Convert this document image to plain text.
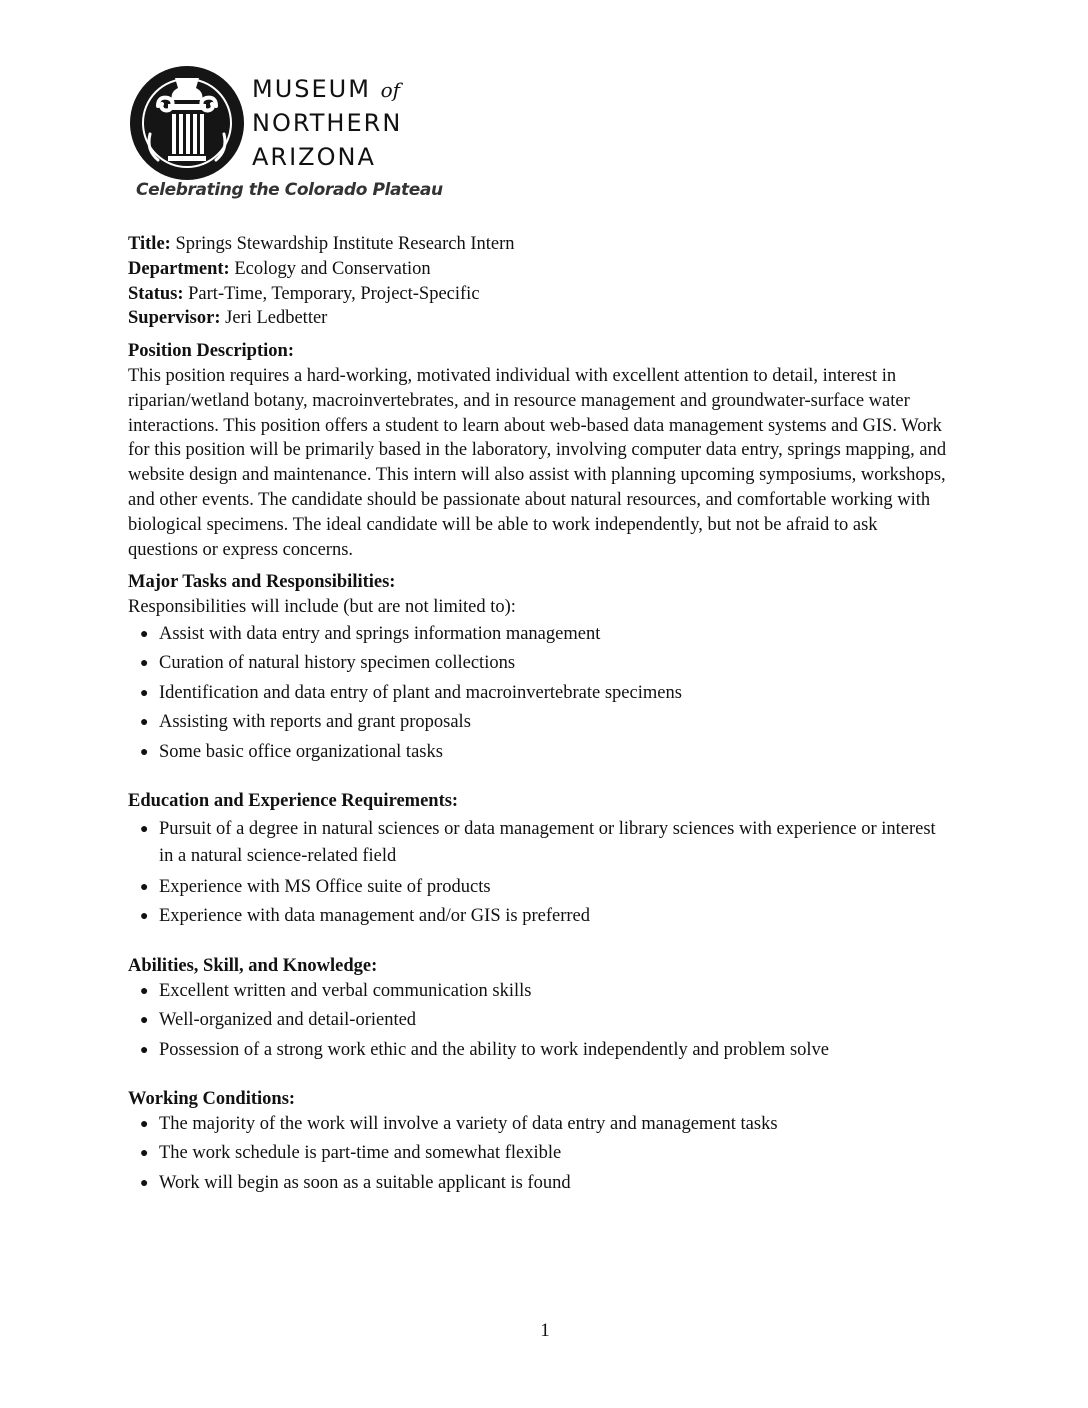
MUSEUM of
NORTHERN
ARIZONA
Celebrating the Colorado Plateau
Title: Springs Stewardship Institute Research Intern
Department: Ecology and Conservation
Status: Part-Time, Temporary, Project-Specific
Supervisor: Jeri Ledbetter
Position Description:

This position requires a hard-working, motivated individual with excellent attention to detail, interest in riparian/wetland botany, macroinvertebrates, and in resource management and groundwater-surface water interactions. This position offers a student to learn about web-based data management systems and GIS. Work for this position will be primarily based in the laboratory, involving computer data entry, springs mapping, and website design and maintenance. This intern will also assist with planning upcoming symposiums, workshops, and other events. The candidate should be passionate about natural resources, and comfortable working with biological specimens. The ideal candidate will be able to work independently, but not be afraid to ask questions or express concerns.

Major Tasks and Responsibilities:
Responsibilities will include (but are not limited to):
● Assist with data entry and springs information management
● Curation of natural history specimen collections
● Identification and data entry of plant and macroinvertebrate specimens
● Assisting with reports and grant proposals
● Some basic office organizational tasks
Education and Experience Requirements:
● Pursuit of a degree in natural sciences or data management or library sciences with experience or interest in a natural science-related field
● Experience with MS Office suite of products
● Experience with data management and/or GIS is preferred
Abilities, Skill, and Knowledge:
● Excellent written and verbal communication skills
● Well-organized and detail-oriented
● Possession of a strong work ethic and the ability to work independently and problem solve
Working Conditions:
● The majority of the work will involve a variety of data entry and management tasks
● The work schedule is part-time and somewhat flexible
● Work will begin as soon as a suitable applicant is found
1
